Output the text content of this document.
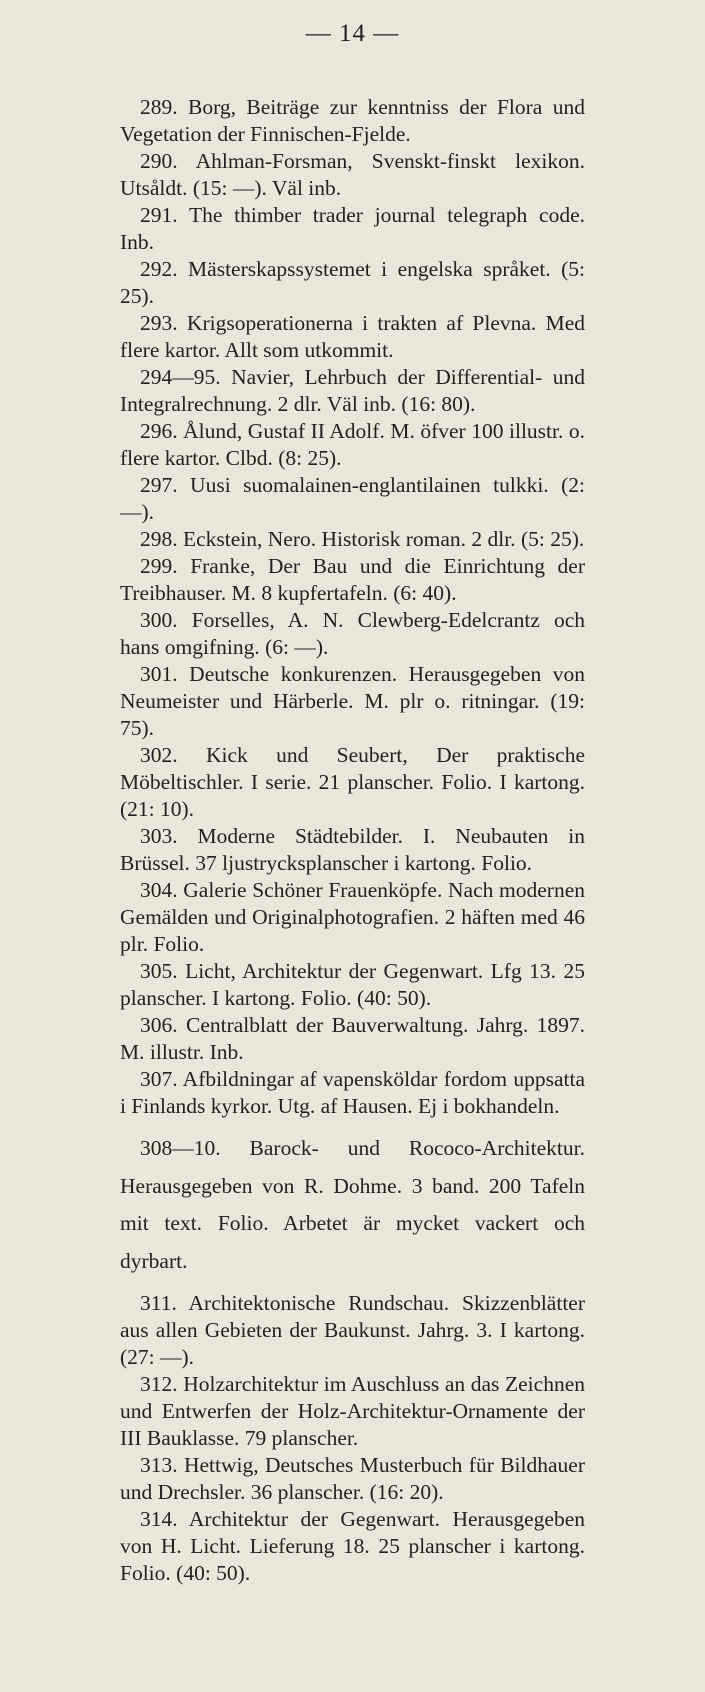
— 14 —

289. Borg, Beiträge zur kenntniss der Flora und Vegetation der Finnischen-Fjelde.

290. Ahlman-Forsman, Svenskt-finskt lexikon. Utsåldt. (15: —). Väl inb.

291. The thimber trader journal telegraph code. Inb.

292. Mästerskapssystemet i engelska språket. (5: 25).

293. Krigsoperationerna i trakten af Plevna. Med flere kartor. Allt som utkommit.

294—95. Navier, Lehrbuch der Differential- und Integralrechnung. 2 dlr. Väl inb. (16: 80).

296. Ålund, Gustaf II Adolf. M. öfver 100 illustr. o. flere kartor. Clbd. (8: 25).

297. Uusi suomalainen-englantilainen tulkki. (2: —).

298. Eckstein, Nero. Historisk roman. 2 dlr. (5: 25).

299. Franke, Der Bau und die Einrichtung der Treibhauser. M. 8 kupfertafeln. (6: 40).

300. Forselles, A. N. Clewberg-Edelcrantz och hans omgifning. (6: —).

301. Deutsche konkurenzen. Herausgegeben von Neumeister und Härberle. M. plr o. ritningar. (19: 75).

302. Kick und Seubert, Der praktische Möbeltischler. I serie. 21 planscher. Folio. I kartong. (21: 10).

303. Moderne Städtebilder. I. Neubauten in Brüssel. 37 ljustrycksplanscher i kartong. Folio.

304. Galerie Schöner Frauenköpfe. Nach modernen Gemälden und Originalphotografien. 2 häften med 46 plr. Folio.

305. Licht, Architektur der Gegenwart. Lfg 13. 25 planscher. I kartong. Folio. (40: 50).

306. Centralblatt der Bauverwaltung. Jahrg. 1897. M. illustr. Inb.

307. Afbildningar af vapensköldar fordom uppsatta i Finlands kyrkor. Utg. af Hausen. Ej i bokhandeln.

308—10. Barock- und Rococo-Architektur. Herausgegeben von R. Dohme. 3 band. 200 Tafeln mit text. Folio. Arbetet är mycket vackert och dyrbart.

311. Architektonische Rundschau. Skizzenblätter aus allen Gebieten der Baukunst. Jahrg. 3. I kartong. (27: —).

312. Holzarchitektur im Auschluss an das Zeichnen und Entwerfen der Holz-Architektur-Ornamente der III Bauklasse. 79 planscher.

313. Hettwig, Deutsches Musterbuch für Bildhauer und Drechsler. 36 planscher. (16: 20).

314. Architektur der Gegenwart. Herausgegeben von H. Licht. Lieferung 18. 25 planscher i kartong. Folio. (40: 50).
